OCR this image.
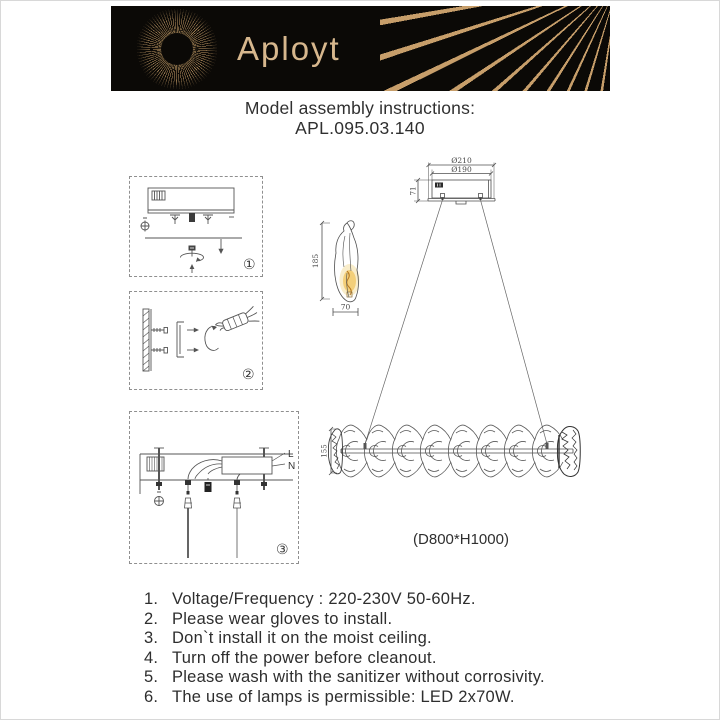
Aployt
Model assembly instructions:
APL.095.03.140
①
②
L
N
③
Ø210
Ø190
71
185
70
155
(D800*H1000)
1. Voltage/Frequency : 220-230V 50-60Hz.
2. Please wear gloves to install.
3. Don`t install it on the moist ceiling.
4. Turn off the power before cleanout.
5. Please wash with the sanitizer without corrosivity.
6. The use of lamps is permissible: LED 2x70W.
